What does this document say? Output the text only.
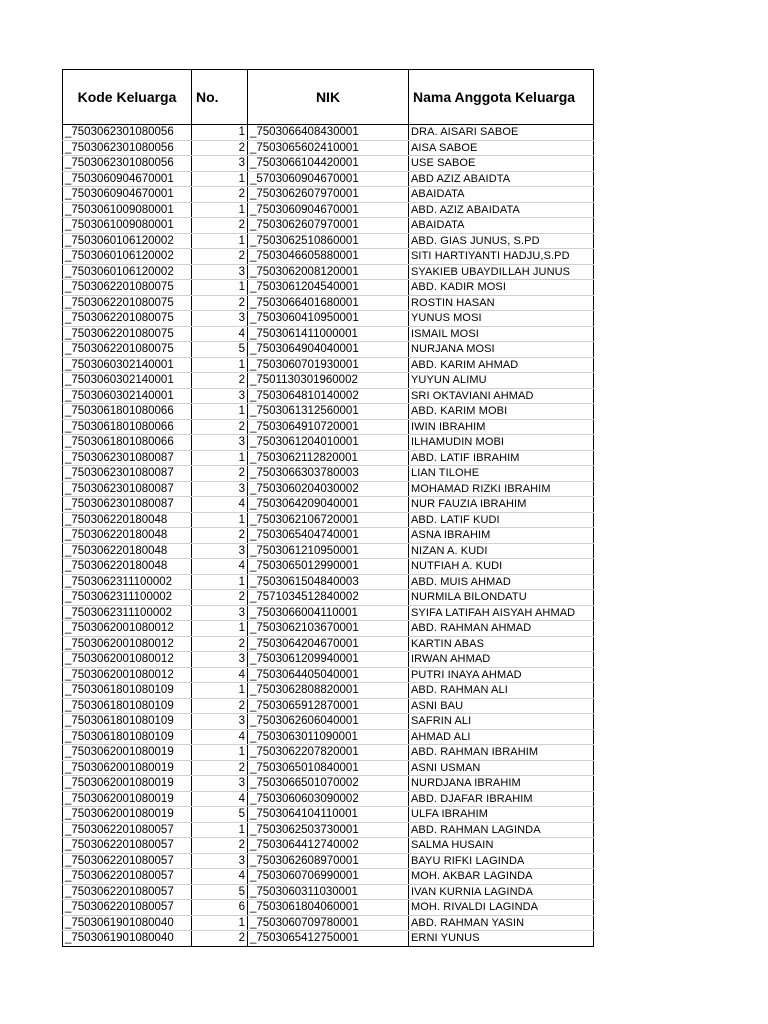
Kode Keluarga	No.	NIK	Nama Anggota Keluarga
_7503062301080056	1	_7503066408430001	DRA. AISARI SABOE
_7503062301080056	2	_7503065602410001	AISA SABOE
_7503062301080056	3	_7503066104420001	USE SABOE
_7503060904670001	1	_5703060904670001	ABD AZIZ ABAIDTA
_7503060904670001	2	_7503062607970001	ABAIDATA
_7503061009080001	1	_7503060904670001	ABD. AZIZ ABAIDATA
_7503061009080001	2	_7503062607970001	ABAIDATA
_7503060106120002	1	_7503062510860001	ABD. GIAS JUNUS, S.PD
_7503060106120002	2	_7503046605880001	SITI HARTIYANTI HADJU,S.PD
_7503060106120002	3	_7503062008120001	SYAKIEB UBAYDILLAH JUNUS
_7503062201080075	1	_7503061204540001	ABD. KADIR MOSI
_7503062201080075	2	_7503066401680001	ROSTIN HASAN
_7503062201080075	3	_7503060410950001	YUNUS MOSI
_7503062201080075	4	_7503061411000001	ISMAIL MOSI
_7503062201080075	5	_7503064904040001	NURJANA MOSI
_7503060302140001	1	_7503060701930001	ABD. KARIM AHMAD
_7503060302140001	2	_7501130301960002	YUYUN ALIMU
_7503060302140001	3	_7503064810140002	SRI OKTAVIANI AHMAD
_7503061801080066	1	_7503061312560001	ABD. KARIM MOBI
_7503061801080066	2	_7503064910720001	IWIN IBRAHIM
_7503061801080066	3	_7503061204010001	ILHAMUDIN MOBI
_7503062301080087	1	_7503062112820001	ABD. LATIF IBRAHIM
_7503062301080087	2	_7503066303780003	LIAN TILOHE
_7503062301080087	3	_7503060204030002	MOHAMAD RIZKI IBRAHIM
_7503062301080087	4	_7503064209040001	NUR FAUZIA IBRAHIM
_750306220180048	1	_7503062106720001	ABD. LATIF KUDI
_750306220180048	2	_7503065404740001	ASNA IBRAHIM
_750306220180048	3	_7503061210950001	NIZAN A. KUDI
_750306220180048	4	_7503065012990001	NUTFIAH A. KUDI
_7503062311100002	1	_7503061504840003	ABD. MUIS AHMAD
_7503062311100002	2	_7571034512840002	NURMILA BILONDATU
_7503062311100002	3	_7503066004110001	SYIFA LATIFAH AISYAH AHMAD
_7503062001080012	1	_7503062103670001	ABD. RAHMAN AHMAD
_7503062001080012	2	_7503064204670001	KARTIN ABAS
_7503062001080012	3	_7503061209940001	IRWAN AHMAD
_7503062001080012	4	_7503064405040001	PUTRI INAYA AHMAD
_7503061801080109	1	_7503062808820001	ABD. RAHMAN ALI
_7503061801080109	2	_7503065912870001	ASNI BAU
_7503061801080109	3	_7503062606040001	SAFRIN ALI
_7503061801080109	4	_7503063011090001	AHMAD ALI
_7503062001080019	1	_7503062207820001	ABD. RAHMAN IBRAHIM
_7503062001080019	2	_7503065010840001	ASNI USMAN
_7503062001080019	3	_7503066501070002	NURDJANA IBRAHIM
_7503062001080019	4	_7503060603090002	ABD. DJAFAR IBRAHIM
_7503062001080019	5	_7503064104110001	ULFA IBRAHIM
_7503062201080057	1	_7503062503730001	ABD. RAHMAN LAGINDA
_7503062201080057	2	_7503064412740002	SALMA HUSAIN
_7503062201080057	3	_7503062608970001	BAYU RIFKI LAGINDA
_7503062201080057	4	_7503060706990001	MOH. AKBAR LAGINDA
_7503062201080057	5	_7503060311030001	IVAN KURNIA LAGINDA
_7503062201080057	6	_7503061804060001	MOH. RIVALDI LAGINDA
_7503061901080040	1	_7503060709780001	ABD. RAHMAN YASIN
_7503061901080040	2	_7503065412750001	ERNI YUNUS
